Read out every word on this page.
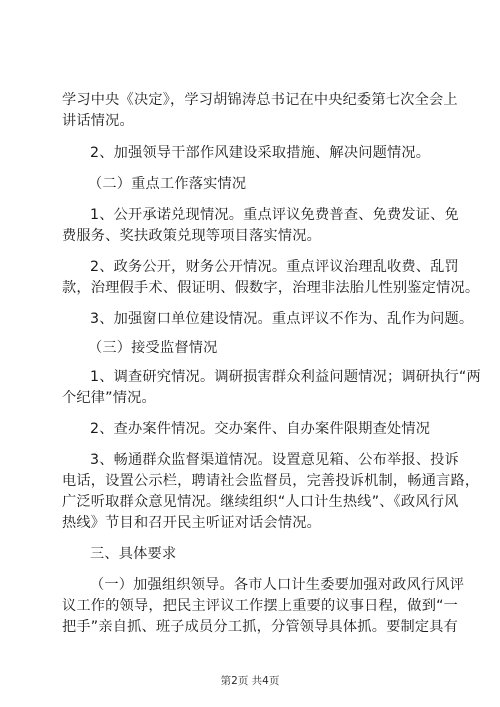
学习中央《决定》，学习胡锦涛总书记在中央纪委第七次全会上
讲话情况。
2、加强领导干部作风建设采取措施、解决问题情况。
（二）重点工作落实情况
1、公开承诺兑现情况。重点评议免费普查、免费发证、免
费服务、奖扶政策兑现等项目落实情况。
2、政务公开，财务公开情况。重点评议治理乱收费、乱罚
款，治理假手术、假证明、假数字，治理非法胎儿性别鉴定情况。
3、加强窗口单位建设情况。重点评议不作为、乱作为问题。
（三）接受监督情况
1、调查研究情况。调研损害群众利益问题情况；调研执行“两
个纪律”情况。
2、查办案件情况。交办案件、自办案件限期查处情况
3、畅通群众监督渠道情况。设置意见箱、公布举报、投诉
电话，设置公示栏，聘请社会监督员，完善投诉机制，畅通言路，
广泛听取群众意见情况。继续组织“人口计生热线”、《政风行风
热线》节目和召开民主听证对话会情况。
三、具体要求
（一）加强组织领导。各市人口计生委要加强对政风行风评
议工作的领导，把民主评议工作摆上重要的议事日程，做到“一
把手”亲自抓、班子成员分工抓，分管领导具体抓。要制定具有
第2页 共4页
